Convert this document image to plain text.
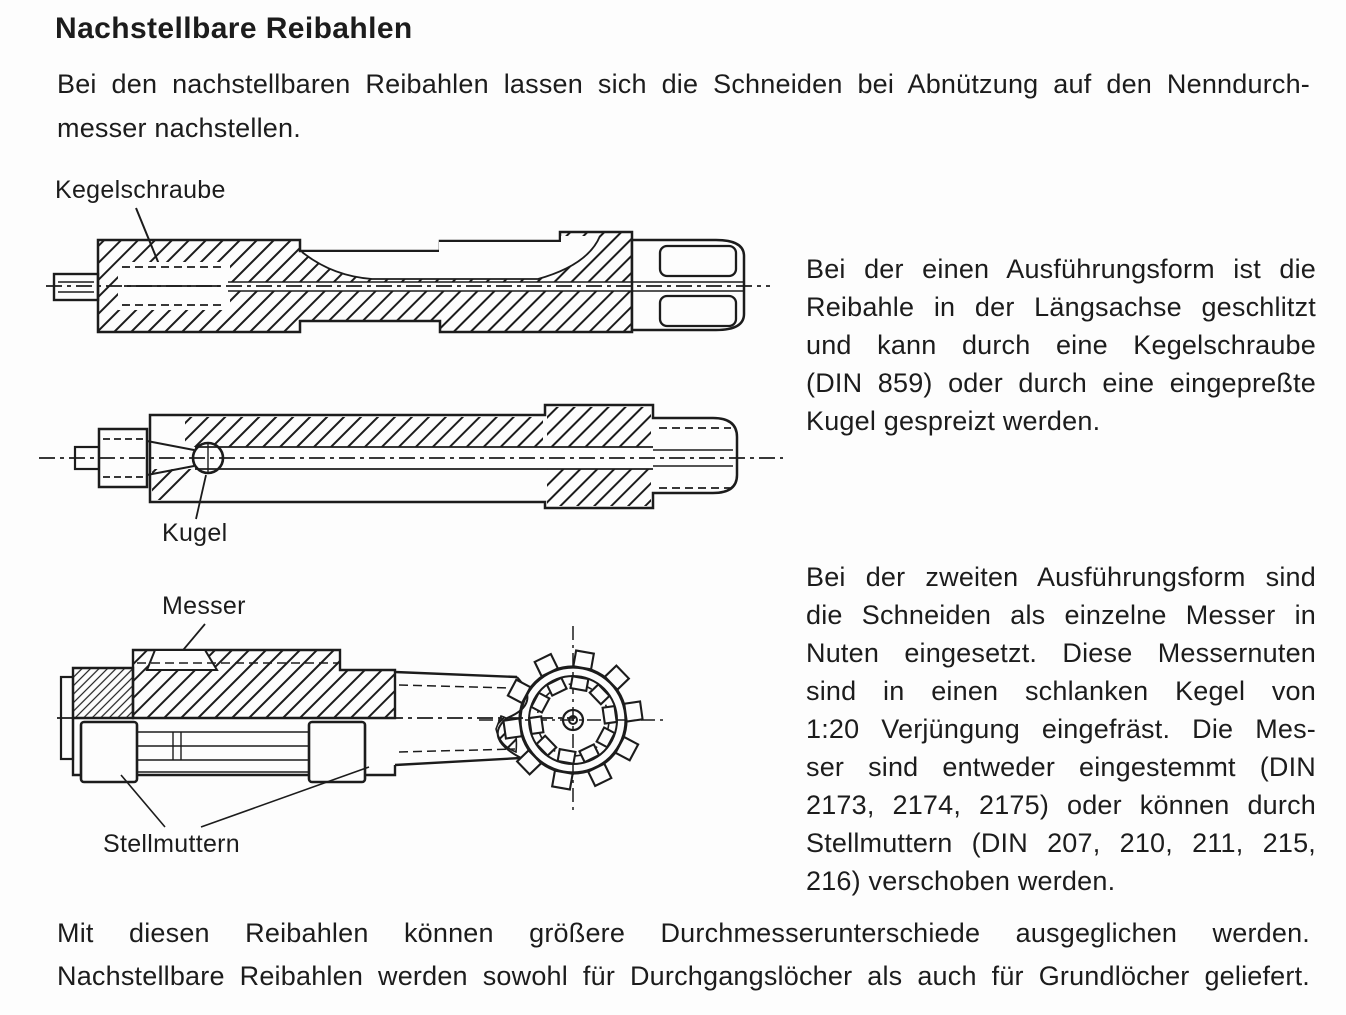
Nachstellbare Reibahlen
Bei den nachstellbaren Reibahlen lassen sich die Schneiden bei Abnützung auf den Nenndurch-
messer nachstellen.
Kegelschraube
Kugel
Messer
Stellmuttern
Bei der einen Ausführungsform ist die
Reibahle in der Längsachse geschlitzt
und kann durch eine Kegelschraube
(DIN 859) oder durch eine eingepreßte
Kugel gespreizt werden.
Bei der zweiten Ausführungsform sind
die Schneiden als einzelne Messer in
Nuten eingesetzt. Diese Messernuten
sind in einen schlanken Kegel von
1:20 Verjüngung eingefräst. Die Mes-
ser sind entweder eingestemmt (DIN
2173, 2174, 2175) oder können durch
Stellmuttern (DIN 207, 210, 211, 215,
216) verschoben werden.
Mit diesen Reibahlen können größere Durchmesserunterschiede ausgeglichen werden.
Nachstellbare Reibahlen werden sowohl für Durchgangslöcher als auch für Grundlöcher geliefert.
